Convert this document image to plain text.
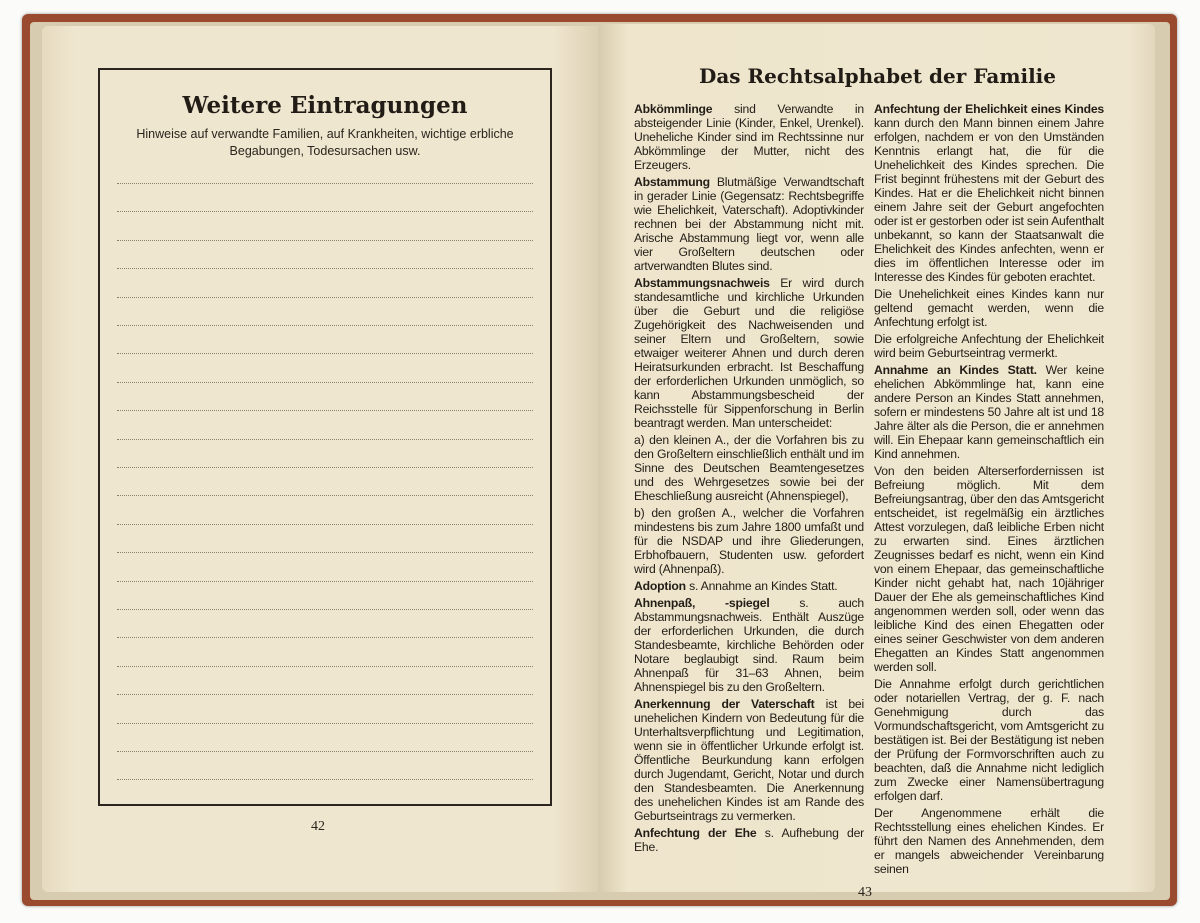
Weitere Eintragungen
Hinweise auf verwandte Familien, auf Krankheiten, wichtige erbliche Begabungen, Todesursachen usw.
42
Das Rechtsalphabet der Familie

Abkömmlinge sind Verwandte in absteigender Linie (Kinder, Enkel, Urenkel). Uneheliche Kinder sind im Rechtssinne nur Abkömmlinge der Mutter, nicht des Erzeugers.

Abstammung Blutmäßige Verwandtschaft in gerader Linie (Gegensatz: Rechtsbegriffe wie Ehelichkeit, Vaterschaft). Adoptivkinder rechnen bei der Abstammung nicht mit. Arische Abstammung liegt vor, wenn alle vier Großeltern deutschen oder artverwandten Blutes sind.

Abstammungsnachweis Er wird durch standesamtliche und kirchliche Urkunden über die Geburt und die religiöse Zugehörigkeit des Nachweisenden und seiner Eltern und Großeltern, sowie etwaiger weiterer Ahnen und durch deren Heiratsurkunden erbracht. Ist Beschaffung der erforderlichen Urkunden unmöglich, so kann Abstammungsbescheid der Reichsstelle für Sippenforschung in Berlin beantragt werden. Man unterscheidet:

a) den kleinen A., der die Vorfahren bis zu den Großeltern einschließlich enthält und im Sinne des Deutschen Beamtengesetzes und des Wehrgesetzes sowie bei der Eheschließung ausreicht (Ahnenspiegel),

b) den großen A., welcher die Vorfahren mindestens bis zum Jahre 1800 umfaßt und für die NSDAP und ihre Gliederungen, Erbhofbauern, Studenten usw. gefordert wird (Ahnenpaß).

Adoption s. Annahme an Kindes Statt.

Ahnenpaß, -spiegel s. auch Abstammungsnachweis. Enthält Auszüge der erforderlichen Urkunden, die durch Standesbeamte, kirchliche Behörden oder Notare beglaubigt sind. Raum beim Ahnenpaß für 31–63 Ahnen, beim Ahnenspiegel bis zu den Großeltern.

Anerkennung der Vaterschaft ist bei unehelichen Kindern von Bedeutung für die Unterhaltsverpflichtung und Legitimation, wenn sie in öffentlicher Urkunde erfolgt ist. Öffentliche Beurkundung kann erfolgen durch Jugendamt, Gericht, Notar und durch den Standesbeamten. Die Anerkennung des unehelichen Kindes ist am Rande des Geburtseintrags zu vermerken.

Anfechtung der Ehe s. Aufhebung der Ehe.

Anfechtung der Ehelichkeit eines Kindes kann durch den Mann binnen einem Jahre erfolgen, nachdem er von den Umständen Kenntnis erlangt hat, die für die Unehelichkeit des Kindes sprechen. Die Frist beginnt frühestens mit der Geburt des Kindes. Hat er die Ehelichkeit nicht binnen einem Jahre seit der Geburt angefochten oder ist er gestorben oder ist sein Aufenthalt unbekannt, so kann der Staatsanwalt die Ehelichkeit des Kindes anfechten, wenn er dies im öffentlichen Interesse oder im Interesse des Kindes für geboten erachtet.

Die Unehelichkeit eines Kindes kann nur geltend gemacht werden, wenn die Anfechtung erfolgt ist.

Die erfolgreiche Anfechtung der Ehelichkeit wird beim Geburtseintrag vermerkt.

Annahme an Kindes Statt. Wer keine ehelichen Abkömmlinge hat, kann eine andere Person an Kindes Statt annehmen, sofern er mindestens 50 Jahre alt ist und 18 Jahre älter als die Person, die er annehmen will. Ein Ehepaar kann gemeinschaftlich ein Kind annehmen.

Von den beiden Alterserfordernissen ist Befreiung möglich. Mit dem Befreiungsantrag, über den das Amtsgericht entscheidet, ist regelmäßig ein ärztliches Attest vorzulegen, daß leibliche Erben nicht zu erwarten sind. Eines ärztlichen Zeugnisses bedarf es nicht, wenn ein Kind von einem Ehepaar, das gemeinschaftliche Kinder nicht gehabt hat, nach 10jähriger Dauer der Ehe als gemeinschaftliches Kind angenommen werden soll, oder wenn das leibliche Kind des einen Ehegatten oder eines seiner Geschwister von dem anderen Ehegatten an Kindes Statt angenommen werden soll.

Die Annahme erfolgt durch gerichtlichen oder notariellen Vertrag, der g. F. nach Genehmigung durch das Vormundschaftsgericht, vom Amtsgericht zu bestätigen ist. Bei der Bestätigung ist neben der Prüfung der Formvorschriften auch zu beachten, daß die Annahme nicht lediglich zum Zwecke einer Namensübertragung erfolgen darf.

Der Angenommene erhält die Rechtsstellung eines ehelichen Kindes. Er führt den Namen des Annehmenden, dem er mangels abweichender Vereinbarung seinen

43
